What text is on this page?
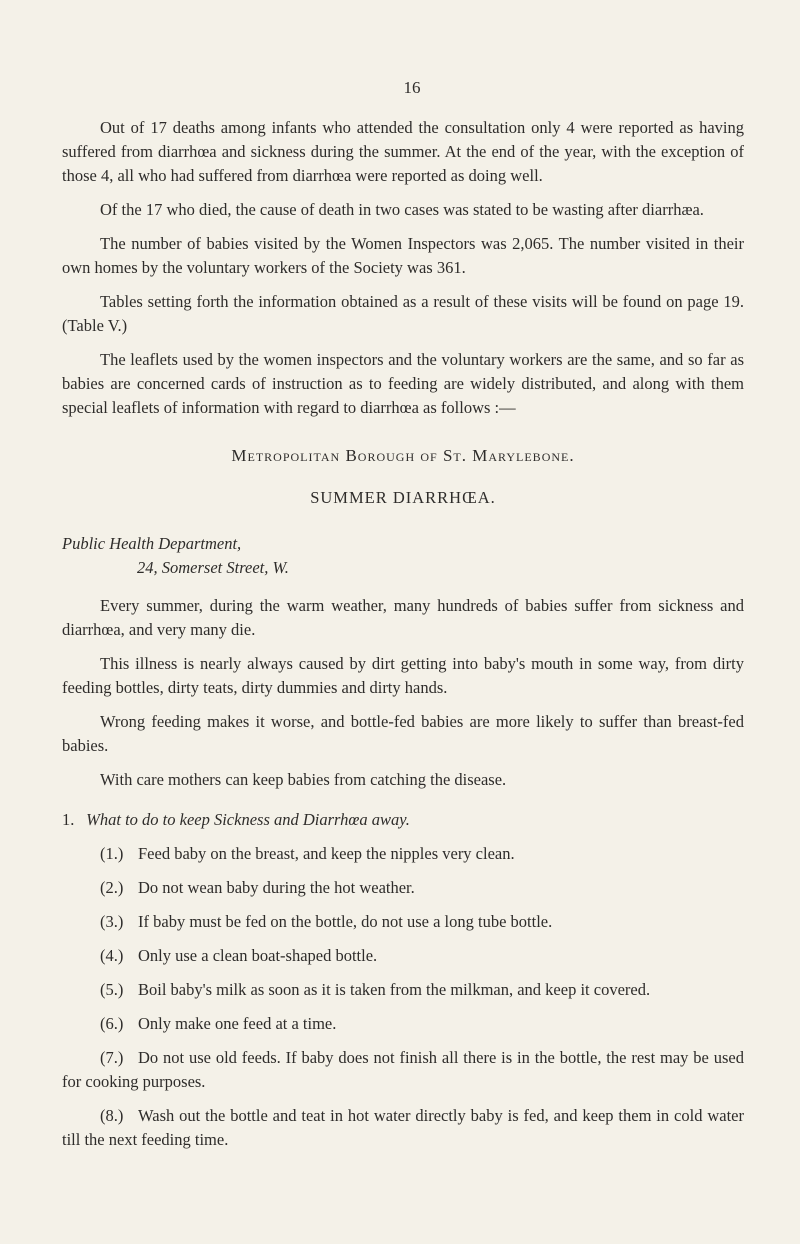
16

Out of 17 deaths among infants who attended the consultation only 4 were reported as having suffered from diarrhœa and sickness during the summer. At the end of the year, with the exception of those 4, all who had suffered from diarrhœa were reported as doing well.

Of the 17 who died, the cause of death in two cases was stated to be wasting after diarrhæa.

The number of babies visited by the Women Inspectors was 2,065. The number visited in their own homes by the voluntary workers of the Society was 361.

Tables setting forth the information obtained as a result of these visits will be found on page 19. (Table V.)

The leaflets used by the women inspectors and the voluntary workers are the same, and so far as babies are concerned cards of instruction as to feeding are widely distributed, and along with them special leaflets of information with regard to diarrhœa as follows :—

Metropolitan Borough of St. Marylebone.
SUMMER DIARRHŒA.
Public Health Department,
24, Somerset Street, W.

Every summer, during the warm weather, many hundreds of babies suffer from sickness and diarrhœa, and very many die.

This illness is nearly always caused by dirt getting into baby's mouth in some way, from dirty feeding bottles, dirty teats, dirty dummies and dirty hands.

Wrong feeding makes it worse, and bottle-fed babies are more likely to suffer than breast-fed babies.

With care mothers can keep babies from catching the disease.

1. What to do to keep Sickness and Diarrhœa away.
(1.) Feed baby on the breast, and keep the nipples very clean.
(2.) Do not wean baby during the hot weather.
(3.) If baby must be fed on the bottle, do not use a long tube bottle.
(4.) Only use a clean boat-shaped bottle.
(5.) Boil baby's milk as soon as it is taken from the milkman, and keep it covered.
(6.) Only make one feed at a time.
(7.) Do not use old feeds. If baby does not finish all there is in the bottle, the rest may be used for cooking purposes.
(8.) Wash out the bottle and teat in hot water directly baby is fed, and keep them in cold water till the next feeding time.
